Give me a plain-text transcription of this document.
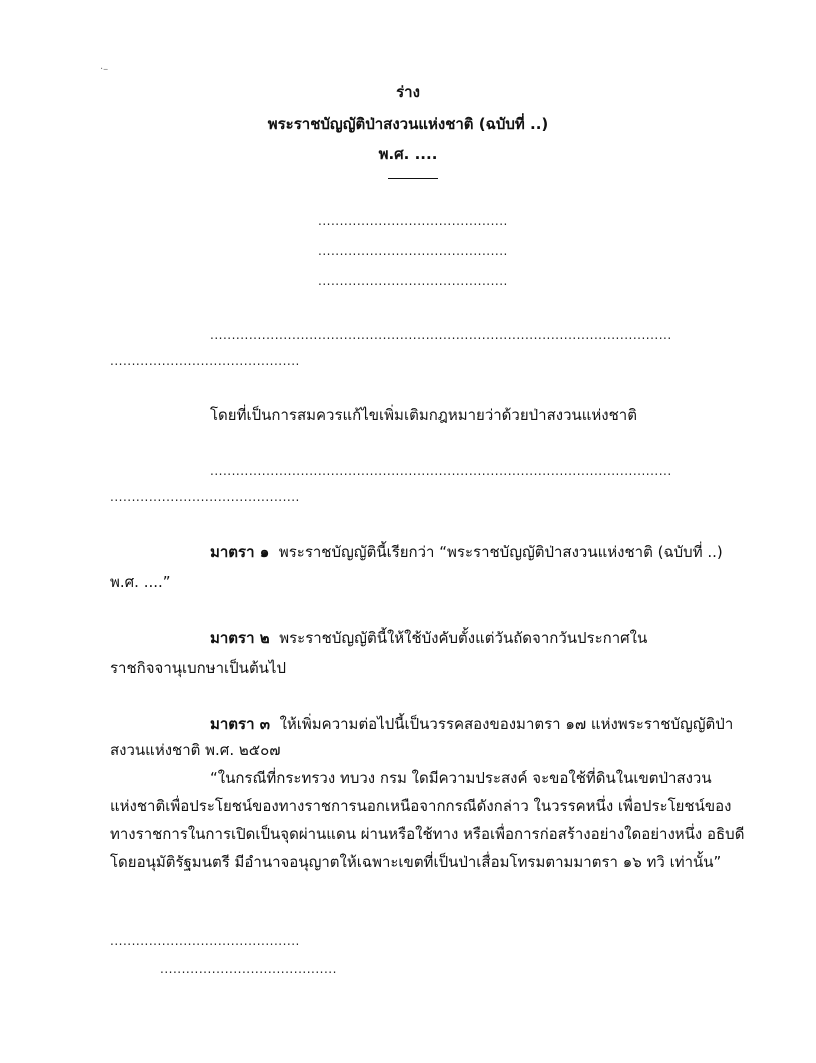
·–
ร่าง
พระราชบัญญัติป่าสงวนแห่งชาติ (ฉบับที่ ..)
พ.ศ. ....
............................................
............................................
............................................
...........................................................................................................
............................................
โดยที่เป็นการสมควรแก้ไขเพิ่มเติมกฎหมายว่าด้วยป่าสงวนแห่งชาติ
...........................................................................................................
............................................
มาตรา ๑ พระราชบัญญัตินี้เรียกว่า “พระราชบัญญัติป่าสงวนแห่งชาติ (ฉบับที่ ..)
พ.ศ. ....”
มาตรา ๒ พระราชบัญญัตินี้ให้ใช้บังคับตั้งแต่วันถัดจากวันประกาศใน
ราชกิจจานุเบกษาเป็นต้นไป
มาตรา ๓ ให้เพิ่มความต่อไปนี้เป็นวรรคสองของมาตรา ๑๗ แห่งพระราชบัญญัติป่า
สงวนแห่งชาติ พ.ศ. ๒๕๐๗
“ในกรณีที่กระทรวง ทบวง กรม ใดมีความประสงค์ จะขอใช้ที่ดินในเขตป่าสงวน
แห่งชาติเพื่อประโยชน์ของทางราชการนอกเหนือจากกรณีดังกล่าว ในวรรคหนึ่ง เพื่อประโยชน์ของ
ทางราชการในการเปิดเป็นจุดผ่านแดน ผ่านหรือใช้ทาง หรือเพื่อการก่อสร้างอย่างใดอย่างหนึ่ง อธิบดี
โดยอนุมัติรัฐมนตรี มีอำนาจอนุญาตให้เฉพาะเขตที่เป็นป่าเสื่อมโทรมตามมาตรา ๑๖ ทวิ เท่านั้น”
............................................
.........................................
